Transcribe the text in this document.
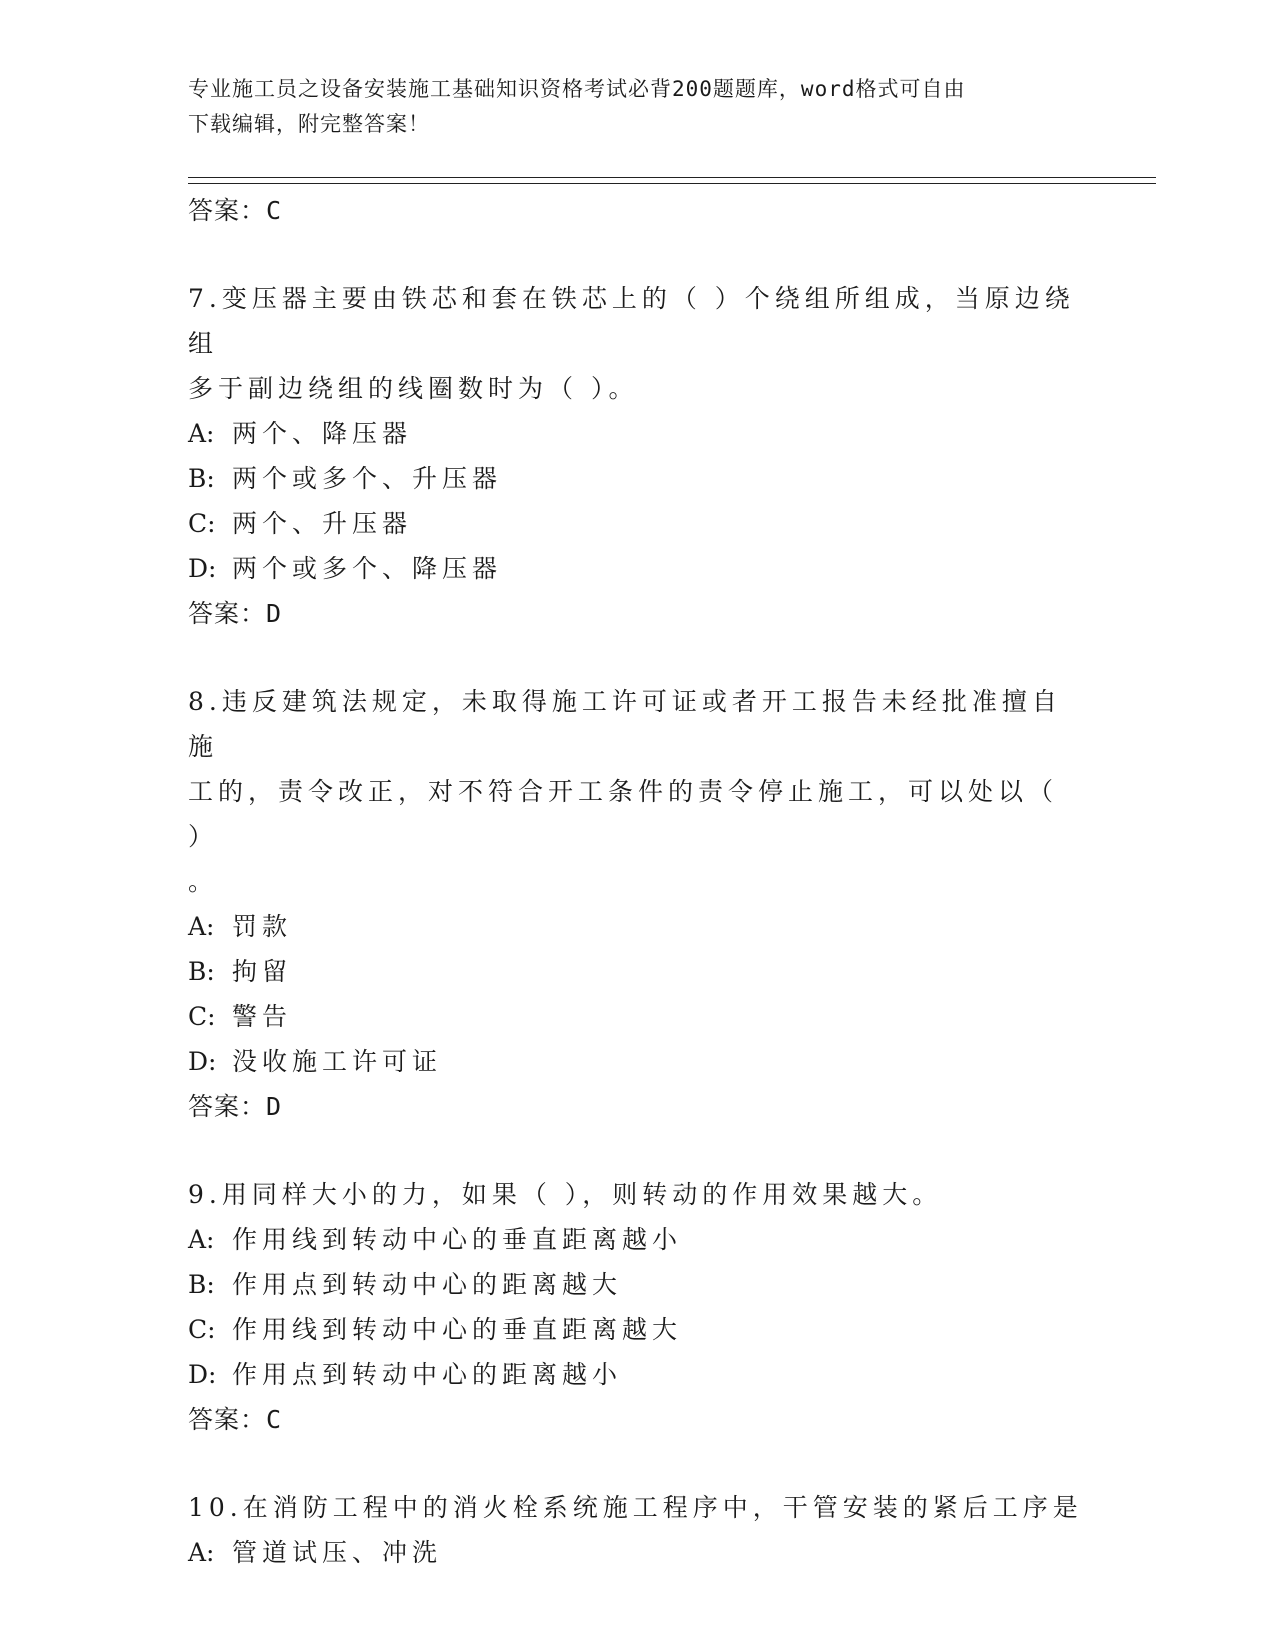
专业施工员之设备安装施工基础知识资格考试必背200题题库，word格式可自由
下载编辑，附完整答案！
答案：C
7.变压器主要由铁芯和套在铁芯上的（ ）个绕组所组成，当原边绕组
多于副边绕组的线圈数时为（ ）。
A: 两个、降压器
B: 两个或多个、升压器
C: 两个、升压器
D: 两个或多个、降压器
答案：D
8.违反建筑法规定，未取得施工许可证或者开工报告未经批准擅自施
工的，责令改正，对不符合开工条件的责令停止施工，可以处以（ ）
。
A: 罚款
B: 拘留
C: 警告
D: 没收施工许可证
答案：D
9.用同样大小的力，如果（ ），则转动的作用效果越大。
A: 作用线到转动中心的垂直距离越小
B: 作用点到转动中心的距离越大
C: 作用线到转动中心的垂直距离越大
D: 作用点到转动中心的距离越小
答案：C
10.在消防工程中的消火栓系统施工程序中，干管安装的紧后工序是
A: 管道试压、冲洗
